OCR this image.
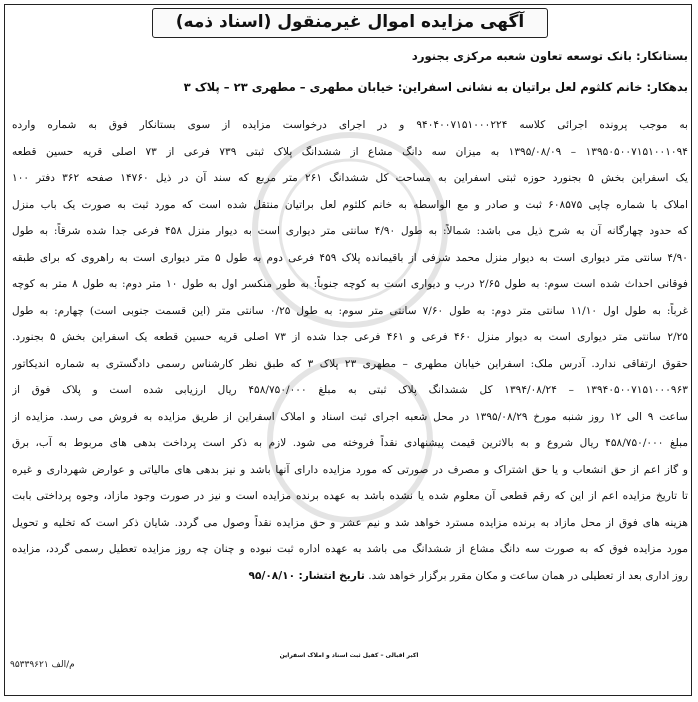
آگهی مزایده اموال غیرمنقول (اسناد ذمه)
بستانکار: بانک توسعه تعاون شعبه مرکزی بجنورد
بدهکار: خانم کلثوم لعل براتیان به نشانی اسفراین: خیابان مطهری – مطهری ۲۳ – پلاک ۳
به موجب پرونده اجرائی کلاسه ۹۴۰۴۰۰۷۱۵۱۰۰۰۲۲۴ و در اجرای درخواست مزایده از سوی بستانکار فوق به شماره وارده
۱۳۹۵۰۵۰۰۷۱۵۱۰۰۱۰۹۴ – ۱۳۹۵/۰۸/۰۹ به میزان سه دانگ مشاع از ششدانگ پلاک ثبتی ۷۳۹ فرعی از ۷۳ اصلی قریه حسین قطعه
یک اسفراین بخش ۵ بجنورد حوزه ثبتی اسفراین به مساحت کل ششدانگ ۲۶۱ متر مربع که سند آن در ذیل ۱۴۷۶۰ صفحه ۳۶۲ دفتر ۱۰۰
املاک با شماره چاپی ۶۰۸۵۷۵ ثبت و صادر و مع الواسطه به خانم کلثوم لعل براتیان منتقل شده است که مورد ثبت به صورت یک باب منزل
که حدود چهارگانه آن به شرح ذیل می باشد: شمالاً: به طول ۴/۹۰ سانتی متر دیواری است به دیوار منزل ۴۵۸ فرعی جدا شده شرقاً: به طول
۴/۹۰ سانتی متر دیواری است به دیوار منزل محمد شرفی از باقیمانده پلاک ۴۵۹ فرعی دوم به طول ۵ متر دیواری است به راهروی که برای طبقه
فوقانی احداث شده است سوم: به طول ۲/۶۵ درب و دیواری است به کوچه جنوباً: به طور منکسر اول به طول ۱۰ متر دوم: به طول ۸ متر به کوچه
غرباً: به طول اول ۱۱/۱۰ سانتی متر دوم: به طول ۷/۶۰ سانتی متر سوم: به طول ۰/۲۵ سانتی متر (این قسمت جنوبی است) چهارم: به طول
۲/۲۵ سانتی متر دیواری است به دیوار منزل ۴۶۰ فرعی و ۴۶۱ فرعی جدا شده از ۷۳ اصلی قریه حسین قطعه یک اسفراین بخش ۵ بجنورد.
حقوق ارتفاقی ندارد. آدرس ملک: اسفراین خیابان مطهری – مطهری ۲۳ پلاک ۳ که طبق نظر کارشناس رسمی دادگستری به شماره اندیکاتور
۱۳۹۴۰۵۰۰۷۱۵۱۰۰۰۹۶۳ – ۱۳۹۴/۰۸/۲۴ کل ششدانگ پلاک ثبتی به مبلغ ۴۵۸/۷۵۰/۰۰۰ ریال ارزیابی شده است و پلاک فوق از
ساعت ۹ الی ۱۲ روز شنبه مورخ ۱۳۹۵/۰۸/۲۹ در محل شعبه اجرای ثبت اسناد و املاک اسفراین از طریق مزایده به فروش می رسد. مزایده از
مبلغ ۴۵۸/۷۵۰/۰۰۰ ریال شروع و به بالاترین قیمت پیشنهادی نقداً فروخته می شود. لازم به ذکر است پرداخت بدهی های مربوط به آب، برق
و گاز اعم از حق انشعاب و یا حق اشتراک و مصرف در صورتی که مورد مزایده دارای آنها باشد و نیز بدهی های مالیاتی و عوارض شهرداری و غیره
تا تاریخ مزایده اعم از این که رقم قطعی آن معلوم شده یا نشده باشد به عهده برنده مزایده است و نیز در صورت وجود مازاد، وجوه پرداختی بابت
هزینه های فوق از محل مازاد به برنده مزایده مسترد خواهد شد و نیم عشر و حق مزایده نقداً وصول می گردد. شایان ذکر است که تخلیه و تحویل
مورد مزایده فوق که به صورت سه دانگ مشاع از ششدانگ می باشد به عهده اداره ثبت نبوده و چنان چه روز مزایده تعطیل رسمی گردد، مزایده
روز اداری بعد از تعطیلی در همان ساعت و مکان مقرر برگزار خواهد شد. تاریخ انتشار: ۹۵/۰۸/۱۰
اکبر اقبالی – کفیل ثبت اسناد و املاک اسفراین
م/الف ۹۵۳۳۹۶۲۱
